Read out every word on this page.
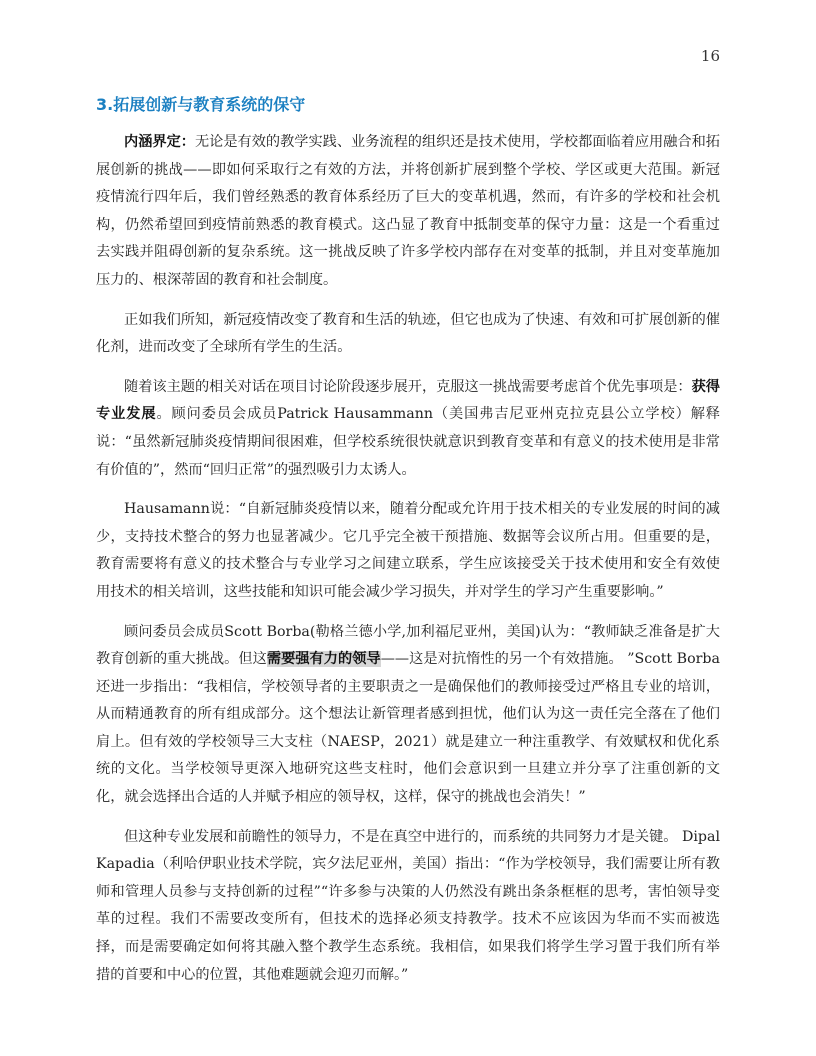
16
3.拓展创新与教育系统的保守

内涵界定：无论是有效的教学实践、业务流程的组织还是技术使用，学校都面临着应用融合和拓展创新的挑战——即如何采取行之有效的方法，并将创新扩展到整个学校、学区或更大范围。新冠疫情流行四年后，我们曾经熟悉的教育体系经历了巨大的变革机遇，然而，有许多的学校和社会机构，仍然希望回到疫情前熟悉的教育模式。这凸显了教育中抵制变革的保守力量：这是一个看重过去实践并阻碍创新的复杂系统。这一挑战反映了许多学校内部存在对变革的抵制，并且对变革施加压力的、根深蒂固的教育和社会制度。

正如我们所知，新冠疫情改变了教育和生活的轨迹，但它也成为了快速、有效和可扩展创新的催化剂，进而改变了全球所有学生的生活。

随着该主题的相关对话在项目讨论阶段逐步展开，克服这一挑战需要考虑首个优先事项是：获得专业发展。顾问委员会成员Patrick Hausammann（美国弗吉尼亚州克拉克县公立学校）解释说：“虽然新冠肺炎疫情期间很困难，但学校系统很快就意识到教育变革和有意义的技术使用是非常有价值的”，然而“回归正常”的强烈吸引力太诱人。

Hausamann说：“自新冠肺炎疫情以来，随着分配或允许用于技术相关的专业发展的时间的减少，支持技术整合的努力也显著减少。它几乎完全被干预措施、数据等会议所占用。但重要的是，教育需要将有意义的技术整合与专业学习之间建立联系，学生应该接受关于技术使用和安全有效使用技术的相关培训，这些技能和知识可能会减少学习损失，并对学生的学习产生重要影响。”

顾问委员会成员Scott Borba(勒格兰德小学,加利福尼亚州，美国)认为：“教师缺乏准备是扩大教育创新的重大挑战。但这需要强有力的领导——这是对抗惰性的另一个有效措施。 ”Scott Borba还进一步指出：“我相信，学校领导者的主要职责之一是确保他们的教师接受过严格且专业的培训，从而精通教育的所有组成部分。这个想法让新管理者感到担忧，他们认为这一责任完全落在了他们肩上。但有效的学校领导三大支柱（NAESP，2021）就是建立一种注重教学、有效赋权和优化系统的文化。当学校领导更深入地研究这些支柱时，他们会意识到一旦建立并分享了注重创新的文化，就会选择出合适的人并赋予相应的领导权，这样，保守的挑战也会消失！”

但这种专业发展和前瞻性的领导力，不是在真空中进行的，而系统的共同努力才是关键。 Dipal Kapadia（利哈伊职业技术学院，宾夕法尼亚州，美国）指出：“作为学校领导，我们需要让所有教师和管理人员参与支持创新的过程”“许多参与决策的人仍然没有跳出条条框框的思考，害怕领导变革的过程。我们不需要改变所有，但技术的选择必须支持教学。技术不应该因为华而不实而被选择，而是需要确定如何将其融入整个教学生态系统。我相信，如果我们将学生学习置于我们所有举措的首要和中心的位置，其他难题就会迎刃而解。”
